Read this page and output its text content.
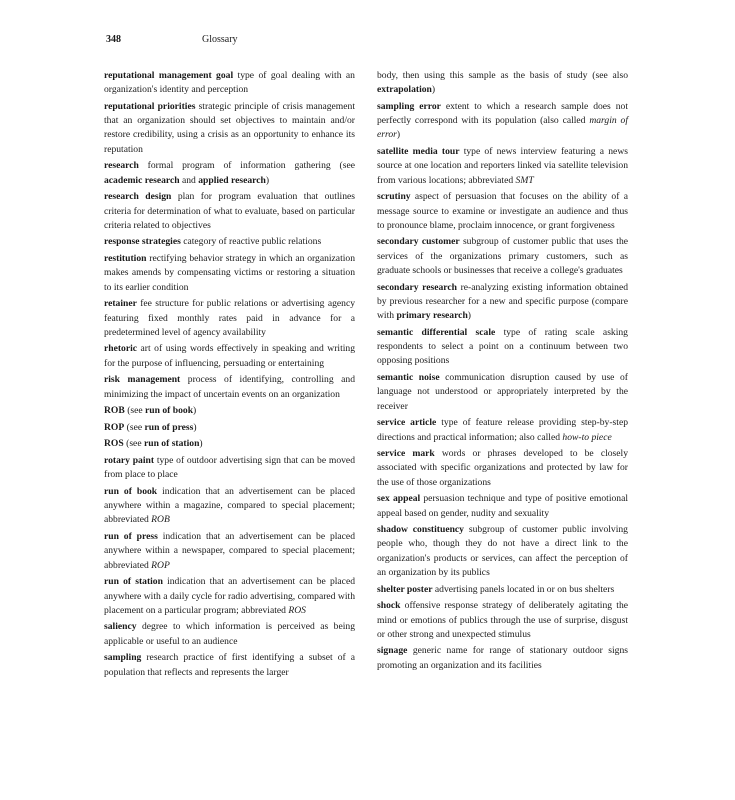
348	Glossary

reputational management goal type of goal dealing with an organization's identity and perception

reputational priorities strategic principle of crisis management that an organization should set objectives to maintain and/or restore credibility, using a crisis as an opportunity to enhance its reputation

research formal program of information gathering (see academic research and applied research)

research design plan for program evaluation that outlines criteria for determination of what to evaluate, based on particular criteria related to objectives

response strategies category of reactive public relations

restitution rectifying behavior strategy in which an organization makes amends by compensating victims or restoring a situation to its earlier condition

retainer fee structure for public relations or advertising agency featuring fixed monthly rates paid in advance for a predetermined level of agency availability

rhetoric art of using words effectively in speaking and writing for the purpose of influencing, persuading or entertaining

risk management process of identifying, controlling and minimizing the impact of uncertain events on an organization

ROB (see run of book)

ROP (see run of press)

ROS (see run of station)

rotary paint type of outdoor advertising sign that can be moved from place to place

run of book indication that an advertisement can be placed anywhere within a magazine, compared to special placement; abbreviated ROB

run of press indication that an advertisement can be placed anywhere within a newspaper, compared to special placement; abbreviated ROP

run of station indication that an advertisement can be placed anywhere with a daily cycle for radio advertising, compared with placement on a particular program; abbreviated ROS

saliency degree to which information is perceived as being applicable or useful to an audience

sampling research practice of first identifying a subset of a population that reflects and represents the larger

body, then using this sample as the basis of study (see also extrapolation)

sampling error extent to which a research sample does not perfectly correspond with its population (also called margin of error)

satellite media tour type of news interview featuring a news source at one location and reporters linked via satellite television from various locations; abbreviated SMT

scrutiny aspect of persuasion that focuses on the ability of a message source to examine or investigate an audience and thus to pronounce blame, proclaim innocence, or grant forgiveness

secondary customer subgroup of customer public that uses the services of the organizations primary customers, such as graduate schools or businesses that receive a college's graduates

secondary research re-analyzing existing information obtained by previous researcher for a new and specific purpose (compare with primary research)

semantic differential scale type of rating scale asking respondents to select a point on a continuum between two opposing positions

semantic noise communication disruption caused by use of language not understood or appropriately interpreted by the receiver

service article type of feature release providing step-by-step directions and practical information; also called how-to piece

service mark words or phrases developed to be closely associated with specific organizations and protected by law for the use of those organizations

sex appeal persuasion technique and type of positive emotional appeal based on gender, nudity and sexuality

shadow constituency subgroup of customer public involving people who, though they do not have a direct link to the organization's products or services, can affect the perception of an organization by its publics

shelter poster advertising panels located in or on bus shelters

shock offensive response strategy of deliberately agitating the mind or emotions of publics through the use of surprise, disgust or other strong and unexpected stimulus

signage generic name for range of stationary outdoor signs promoting an organization and its facilities
